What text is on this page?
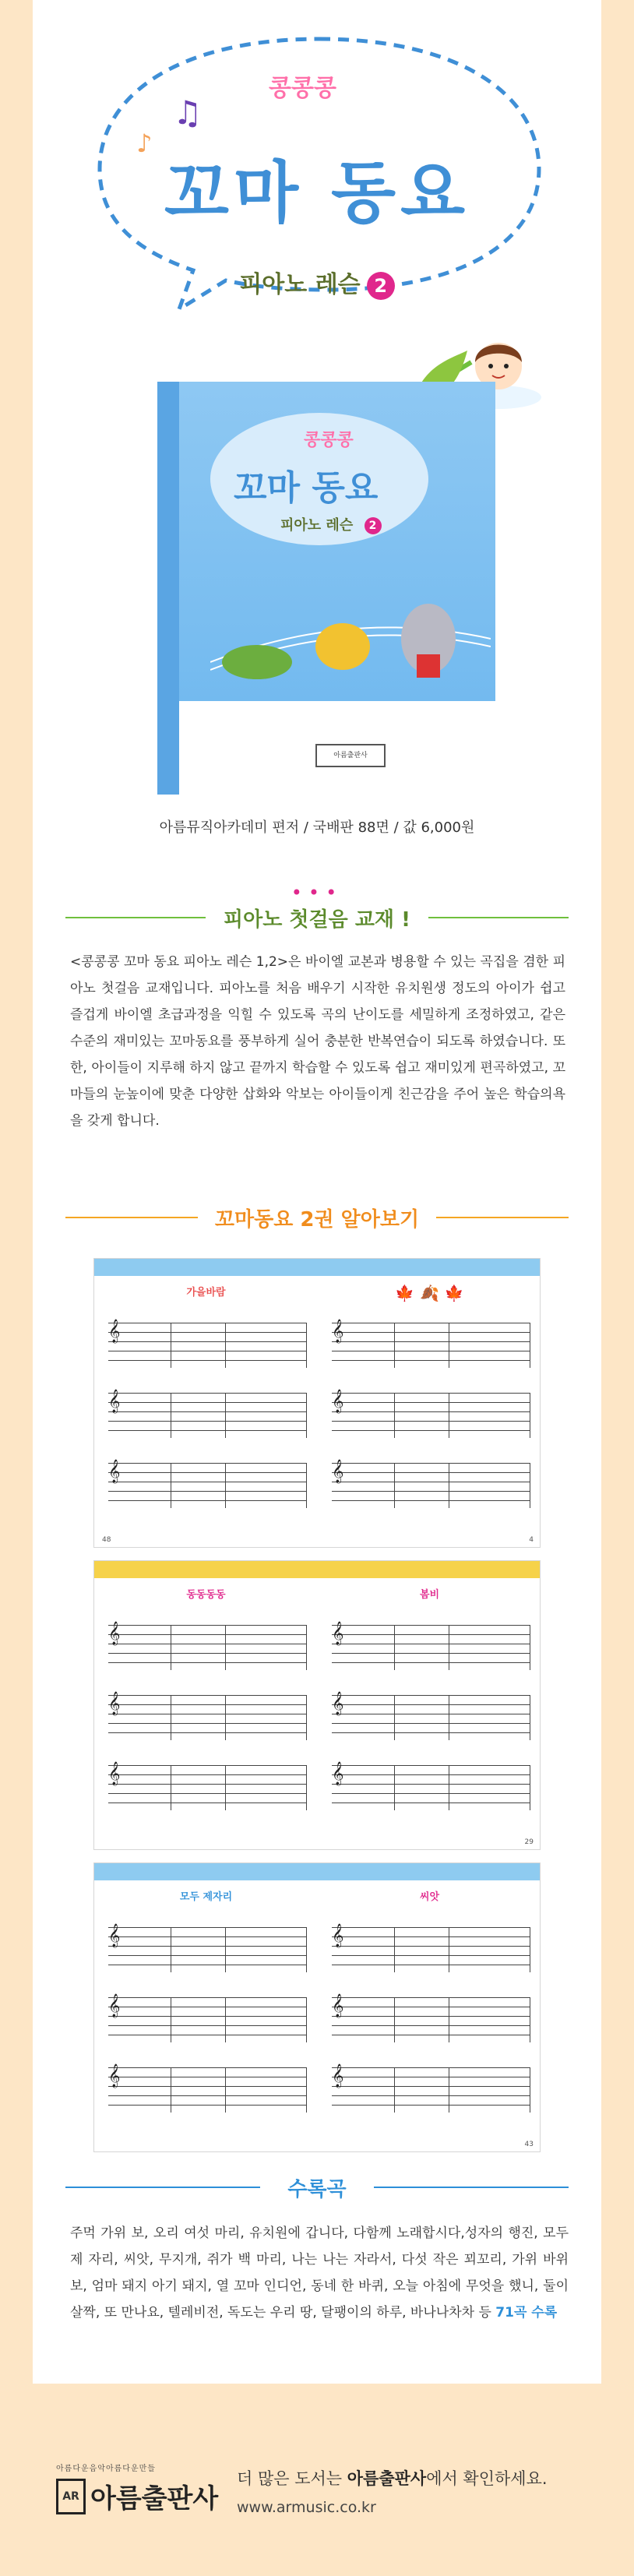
♫
♪
콩콩콩
꼬마 동요
피아노 레슨 2
콩콩콩
꼬마 동요
피아노 레슨 2
아름출판사
아름뮤직아카데미 편저 / 국배판 88면 / 값 6,000원
•••
피아노 첫걸음 교재 !
<콩콩콩 꼬마 동요 피아노 레슨 1,2>은 바이엘 교본과 병용할 수 있는 곡집을 겸한 피아노 첫걸음 교재입니다. 피아노를 처음 배우기 시작한 유치원생 정도의 아이가 쉽고 즐겁게 바이엘 초급과정을 익힐 수 있도록 곡의 난이도를 세밀하게 조정하였고, 같은 수준의 재미있는 꼬마동요를 풍부하게 실어 충분한 반복연습이 되도록 하였습니다. 또한, 아이들이 지루해 하지 않고 끝까지 학습할 수 있도록 쉽고 재미있게 편곡하였고, 꼬마들의 눈높이에 맞춘 다양한 삽화와 악보는 아이들이게 친근감을 주어 높은 학습의욕을 갖게 합니다.
꼬마동요 2권 알아보기
가을바람
𝄞
𝄞
𝄞
48
🍁 🍂 🍁
𝄞
𝄞
𝄞
4
동동동동
𝄞
𝄞
𝄞
봄비
𝄞
𝄞
𝄞
29
모두 제자리
𝄞
𝄞
𝄞
씨앗
𝄞
𝄞
𝄞
43
수록곡
주먹 가위 보, 오리 여섯 마리, 유치원에 갑니다, 다함께 노래합시다,성자의 행진, 모두 제 자리, 씨앗, 무지개, 쥐가 백 마리, 나는 나는 자라서, 다섯 작은 꾀꼬리, 가위 바위 보, 엄마 돼지 아기 돼지, 열 꼬마 인디언, 동네 한 바퀴, 오늘 아침에 무엇을 했니, 둘이 살짝, 또 만나요, 텔레비전, 독도는 우리 땅, 달팽이의 하루, 바나나차차 등 71곡 수록
아름다운음악아름다운만들
AR 아름출판사
더 많은 도서는 아름출판사에서 확인하세요.
www.armusic.co.kr
